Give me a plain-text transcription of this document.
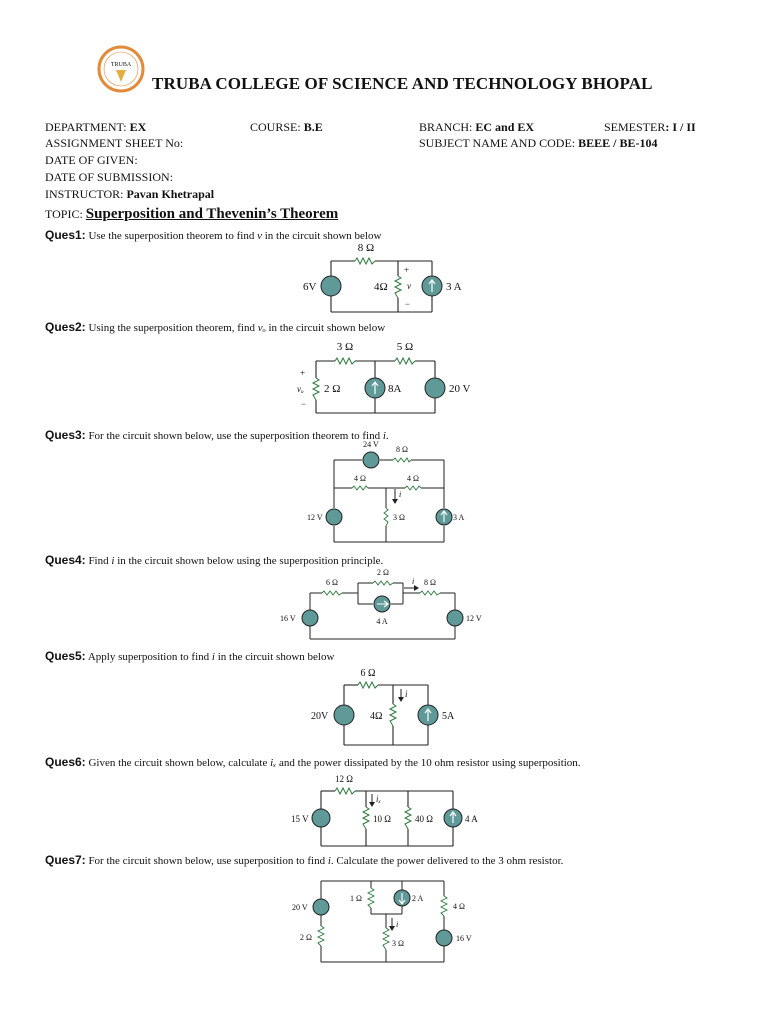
TRUBA
TRUBA COLLEGE OF SCIENCE AND TECHNOLOGY BHOPAL
DEPARTMENT: EX	COURSE: B.E	BRANCH: EC and EX	SEMESTER: I / II
ASSIGNMENT SHEET No:	SUBJECT NAME AND CODE: BEEE / BE-104
DATE OF GIVEN:
DATE OF SUBMISSION:
INSTRUCTOR: Pavan Khetrapal
TOPIC: Superposition and Thevenin’s Theorem
Ques1: Use the superposition theorem to find v in the circuit shown below
Ques2: Using the superposition theorem, find vₒ in the circuit shown below
Ques3: For the circuit shown below, use the superposition theorem to find i.
Ques4: Find i in the circuit shown below using the superposition principle.
Ques5: Apply superposition to find i in the circuit shown below
Ques6: Given the circuit shown below, calculate iₓ and the power dissipated by the 10 ohm resistor using superposition.
Ques7: For the circuit shown below, use superposition to find i. Calculate the power delivered to the 3 ohm resistor.
8 Ω
6V	4Ω v
+
−
3 A
3 Ω	5 Ω
2 Ω
vₒ
+
−
8A	20 V
24 V
8 Ω
4 Ω	4 Ω
i
12 V	3 Ω	3 A
6 Ω
2 Ω
i 8 Ω
16 V	4 A	12 V
6 Ω
i
20V	4Ω	5A
12 Ω
iₓ
15 V	10 Ω	40 Ω	4 A
1 Ω	2 A
4 Ω
20 V
i
2 Ω	16 V
3 Ω
